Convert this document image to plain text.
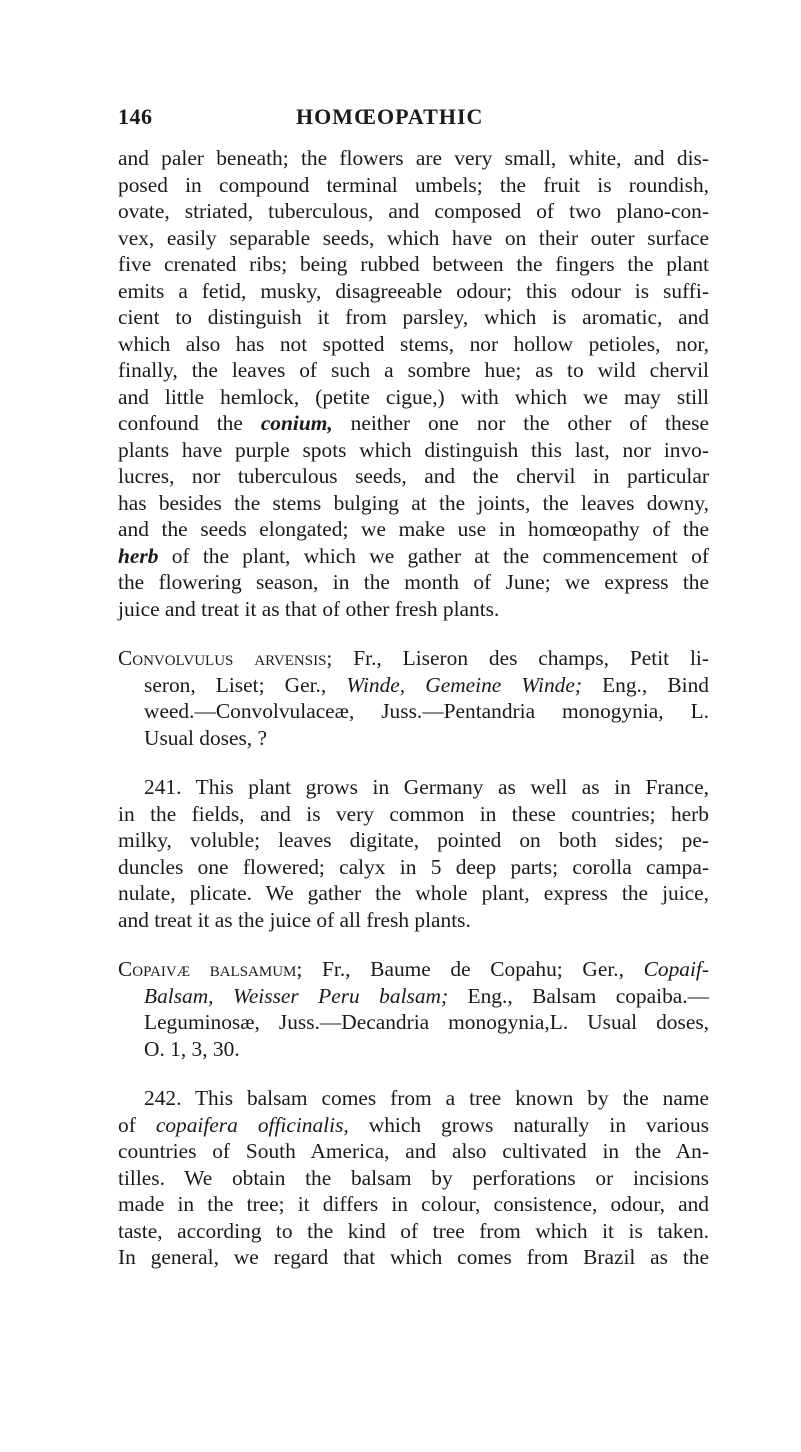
146	HOMŒOPATHIC
and paler beneath; the flowers are very small, white, and dis-
posed in compound terminal umbels; the fruit is roundish,
ovate, striated, tuberculous, and composed of two plano-con-
vex, easily separable seeds, which have on their outer surface
five crenated ribs; being rubbed between the fingers the plant
emits a fetid, musky, disagreeable odour; this odour is suffi-
cient to distinguish it from parsley, which is aromatic, and
which also has not spotted stems, nor hollow petioles, nor,
finally, the leaves of such a sombre hue; as to wild chervil
and little hemlock, (petite cigue,) with which we may still
confound the conium, neither one nor the other of these
plants have purple spots which distinguish this last, nor invo-
lucres, nor tuberculous seeds, and the chervil in particular
has besides the stems bulging at the joints, the leaves downy,
and the seeds elongated; we make use in homœopathy of the
herb of the plant, which we gather at the commencement of
the flowering season, in the month of June; we express the
juice and treat it as that of other fresh plants.
Convolvulus arvensis; Fr., Liseron des champs, Petit li-
seron, Liset; Ger., Winde, Gemeine Winde; Eng., Bind
weed.—Convolvulaceæ, Juss.—Pentandria monogynia, L.
Usual doses, ?
241. This plant grows in Germany as well as in France,
in the fields, and is very common in these countries; herb
milky, voluble; leaves digitate, pointed on both sides; pe-
duncles one flowered; calyx in 5 deep parts; corolla campa-
nulate, plicate. We gather the whole plant, express the juice,
and treat it as the juice of all fresh plants.
Copaivæ balsamum; Fr., Baume de Copahu; Ger., Copaif-
Balsam, Weisser Peru balsam; Eng., Balsam copaiba.—
Leguminosæ, Juss.—Decandria monogynia,L. Usual doses,
O. 1, 3, 30.
242. This balsam comes from a tree known by the name
of copaifera officinalis, which grows naturally in various
countries of South America, and also cultivated in the An-
tilles. We obtain the balsam by perforations or incisions
made in the tree; it differs in colour, consistence, odour, and
taste, according to the kind of tree from which it is taken.
In general, we regard that which comes from Brazil as the
